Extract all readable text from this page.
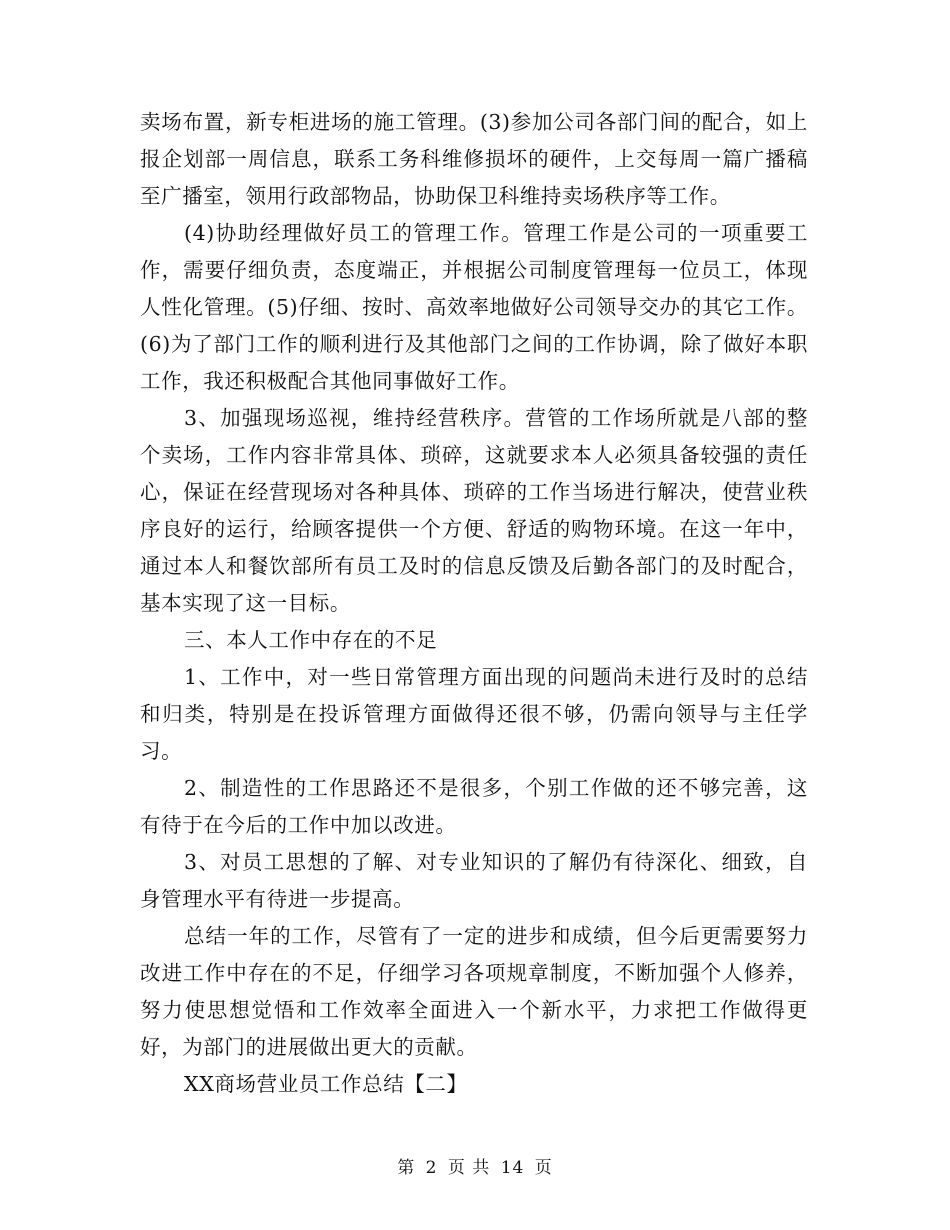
卖场布置，新专柜进场的施工管理。(3)参加公司各部门间的配合，如上报企划部一周信息，联系工务科维修损坏的硬件，上交每周一篇广播稿至广播室，领用行政部物品，协助保卫科维持卖场秩序等工作。

(4)协助经理做好员工的管理工作。管理工作是公司的一项重要工作，需要仔细负责，态度端正，并根据公司制度管理每一位员工，体现人性化管理。(5)仔细、按时、高效率地做好公司领导交办的其它工作。(6)为了部门工作的顺利进行及其他部门之间的工作协调，除了做好本职工作，我还积极配合其他同事做好工作。

3、加强现场巡视，维持经营秩序。营管的工作场所就是八部的整个卖场，工作内容非常具体、琐碎，这就要求本人必须具备较强的责任心，保证在经营现场对各种具体、琐碎的工作当场进行解决，使营业秩序良好的运行，给顾客提供一个方便、舒适的购物环境。在这一年中，通过本人和餐饮部所有员工及时的信息反馈及后勤各部门的及时配合，基本实现了这一目标。

三、本人工作中存在的不足

1、工作中，对一些日常管理方面出现的问题尚未进行及时的总结和归类，特别是在投诉管理方面做得还很不够，仍需向领导与主任学习。

2、制造性的工作思路还不是很多，个别工作做的还不够完善，这有待于在今后的工作中加以改进。

3、对员工思想的了解、对专业知识的了解仍有待深化、细致，自身管理水平有待进一步提高。

总结一年的工作，尽管有了一定的进步和成绩，但今后更需要努力改进工作中存在的不足，仔细学习各项规章制度，不断加强个人修养，努力使思想觉悟和工作效率全面进入一个新水平，力求把工作做得更好，为部门的进展做出更大的贡献。

XX商场营业员工作总结【二】

第 2 页 共 14 页
